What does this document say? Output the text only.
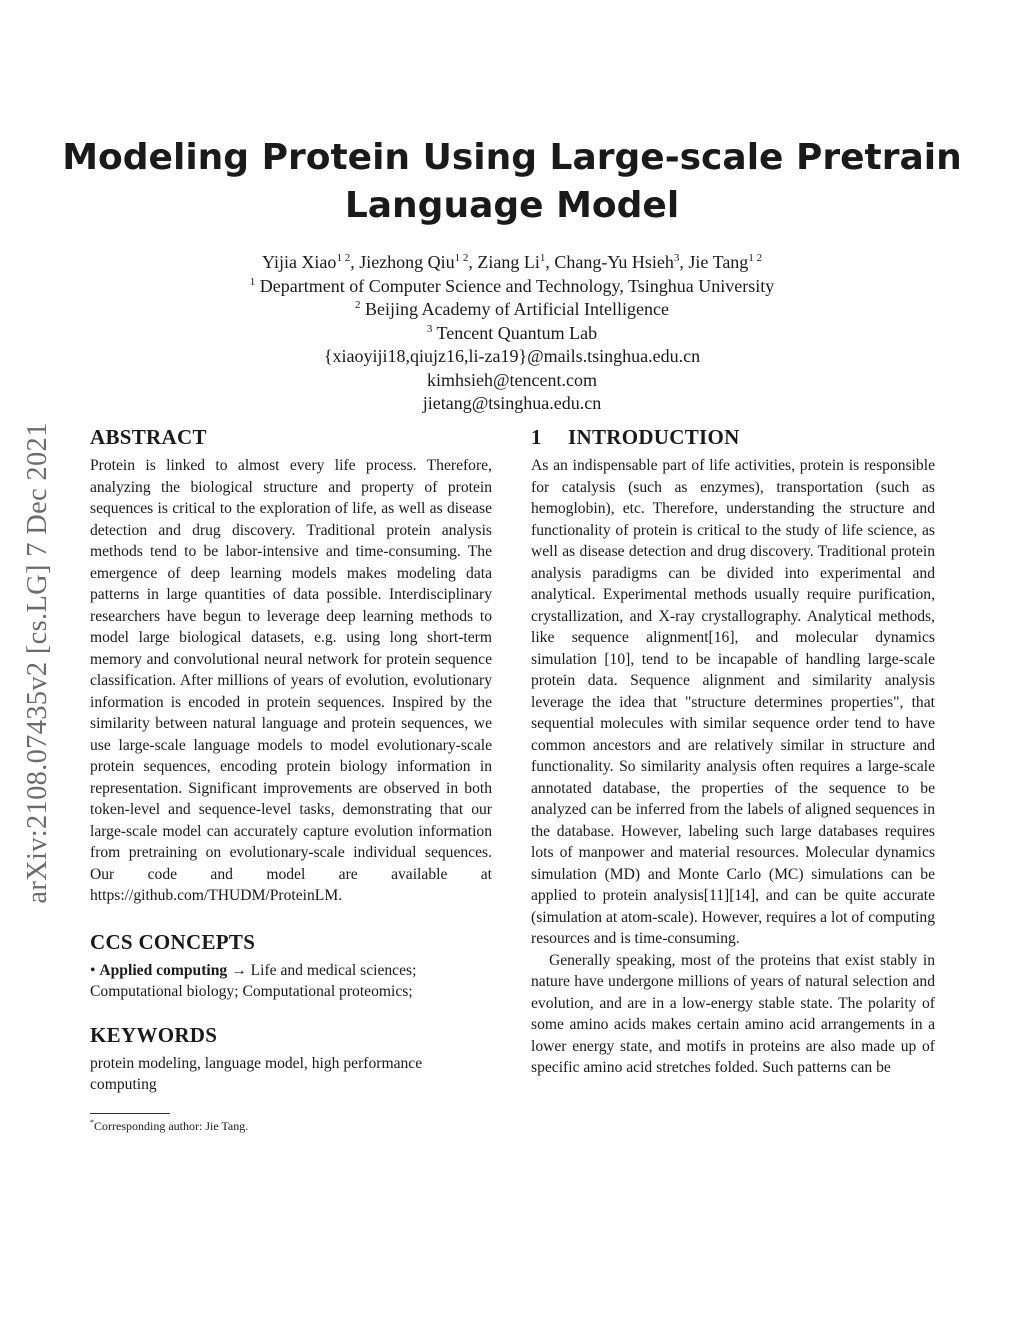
arXiv:2108.07435v2 [cs.LG] 7 Dec 2021
Modeling Protein Using Large-scale Pretrain
Language Model
Yijia Xiao$^{1 2}$, Jiezhong Qiu$^{1 2}$, Ziang Li$^1$, Chang-Yu Hsieh$^3$, Jie Tang$^{1 2}$
$^1$ Department of Computer Science and Technology, Tsinghua University
$^2$ Beijing Academy of Artificial Intelligence
$^3$ Tencent Quantum Lab
{xiaoyiji18,qiujz16,li-za19}@mails.tsinghua.edu.cn
kimhsieh@tencent.com
jietang@tsinghua.edu.cn
ABSTRACT

Protein is linked to almost every life process. Therefore, analyzing the biological structure and property of protein sequences is critical to the exploration of life, as well as disease detection and drug discovery. Traditional protein analysis methods tend to be labor-intensive and time-consuming. The emergence of deep learning models makes modeling data patterns in large quantities of data possible. Interdisciplinary researchers have begun to leverage deep learning methods to model large biological datasets, e.g. using long short-term memory and convolutional neural network for protein sequence classification. After millions of years of evolution, evolutionary information is encoded in protein sequences. Inspired by the similarity between natural language and protein sequences, we use large-scale language models to model evolutionary-scale protein sequences, encoding protein biology information in representation. Significant improvements are observed in both token-level and sequence-level tasks, demonstrating that our large-scale model can accurately capture evolution information from pretraining on evolutionary-scale individual sequences. Our code and model are available at https://github.com/THUDM/ProteinLM.

CCS CONCEPTS

• Applied computing → Life and medical sciences; Computational biology; Computational proteomics;

KEYWORDS

protein modeling, language model, high performance computing

*Corresponding author: Jie Tang.
1 INTRODUCTION

As an indispensable part of life activities, protein is responsible for catalysis (such as enzymes), transportation (such as hemoglobin), etc. Therefore, understanding the structure and functionality of protein is critical to the study of life science, as well as disease detection and drug discovery. Traditional protein analysis paradigms can be divided into experimental and analytical. Experimental methods usually require purification, crystallization, and X-ray crystallography. Analytical methods, like sequence alignment[16], and molecular dynamics simulation [10], tend to be incapable of handling large-scale protein data. Sequence alignment and similarity analysis leverage the idea that "structure determines properties", that sequential molecules with similar sequence order tend to have common ancestors and are relatively similar in structure and functionality. So similarity analysis often requires a large-scale annotated database, the properties of the sequence to be analyzed can be inferred from the labels of aligned sequences in the database. However, labeling such large databases requires lots of manpower and material resources. Molecular dynamics simulation (MD) and Monte Carlo (MC) simulations can be applied to protein analysis[11][14], and can be quite accurate (simulation at atom-scale). However, requires a lot of computing resources and is time-consuming.

Generally speaking, most of the proteins that exist stably in nature have undergone millions of years of natural selection and evolution, and are in a low-energy stable state. The polarity of some amino acids makes certain amino acid arrangements in a lower energy state, and motifs in proteins are also made up of specific amino acid stretches folded. Such patterns can be
